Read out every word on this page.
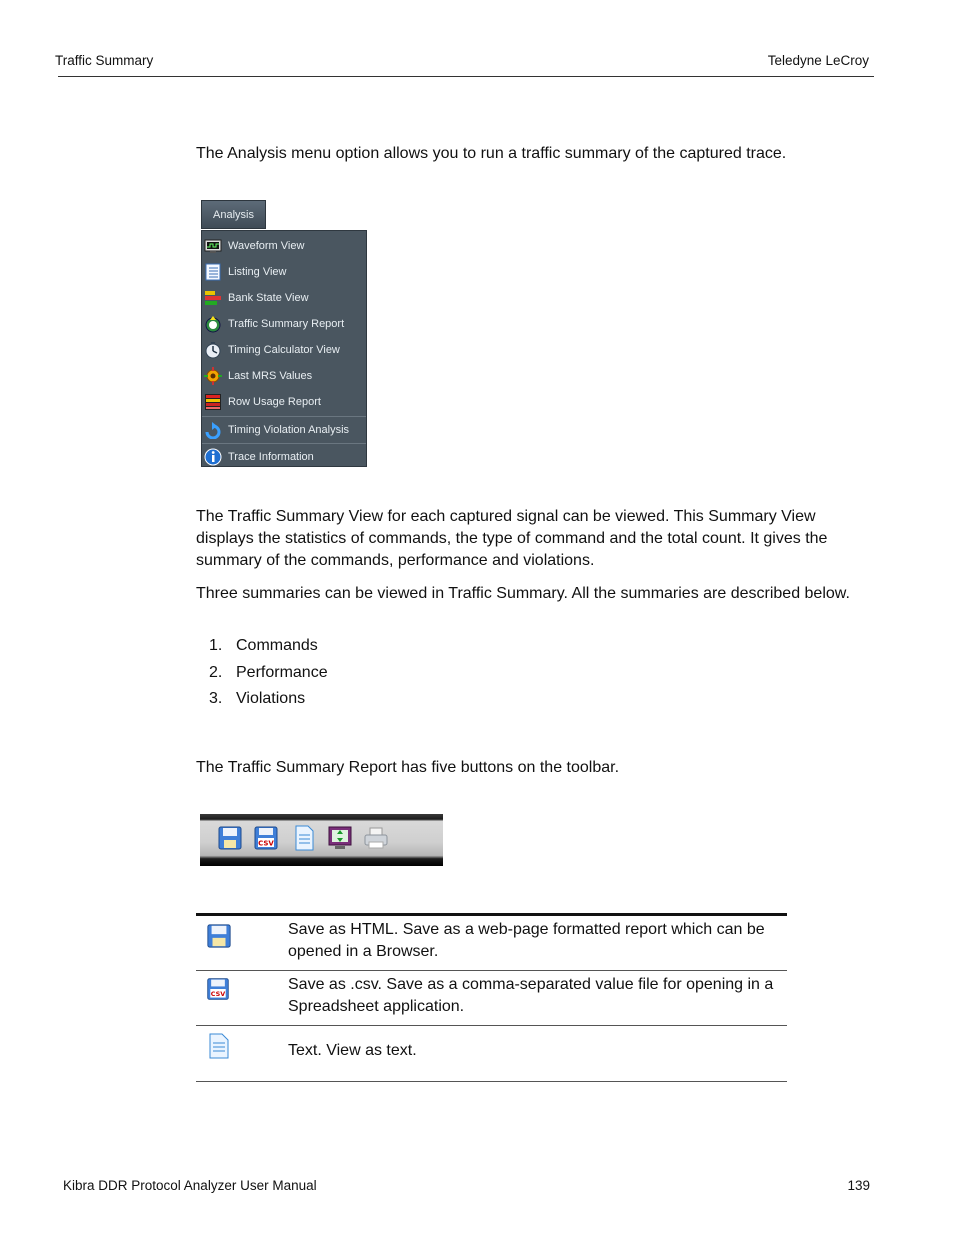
Traffic Summary	Teledyne LeCroy

The Analysis menu option allows you to run a traffic summary of the captured trace.

Analysis
Waveform View
Listing View
Bank State View
Traffic Summary Report
Timing Calculator View
Last MRS Values
Row Usage Report
Timing Violation Analysis
Trace Information

The Traffic Summary View for each captured signal can be viewed. This Summary View displays the statistics of commands, the type of command and the total count. It gives the summary of the commands, performance and violations.

Three summaries can be viewed in Traffic Summary. All the summaries are described below.

1. Commands
2. Performance
3. Violations

The Traffic Summary Report has five buttons on the toolbar.

CSV

Save as HTML. Save as a web-page formatted report which can be opened in a Browser.

CSV

Save as .csv. Save as a comma-separated value file for opening in a Spreadsheet application.

Text. View as text.

Kibra DDR Protocol Analyzer User Manual	139
